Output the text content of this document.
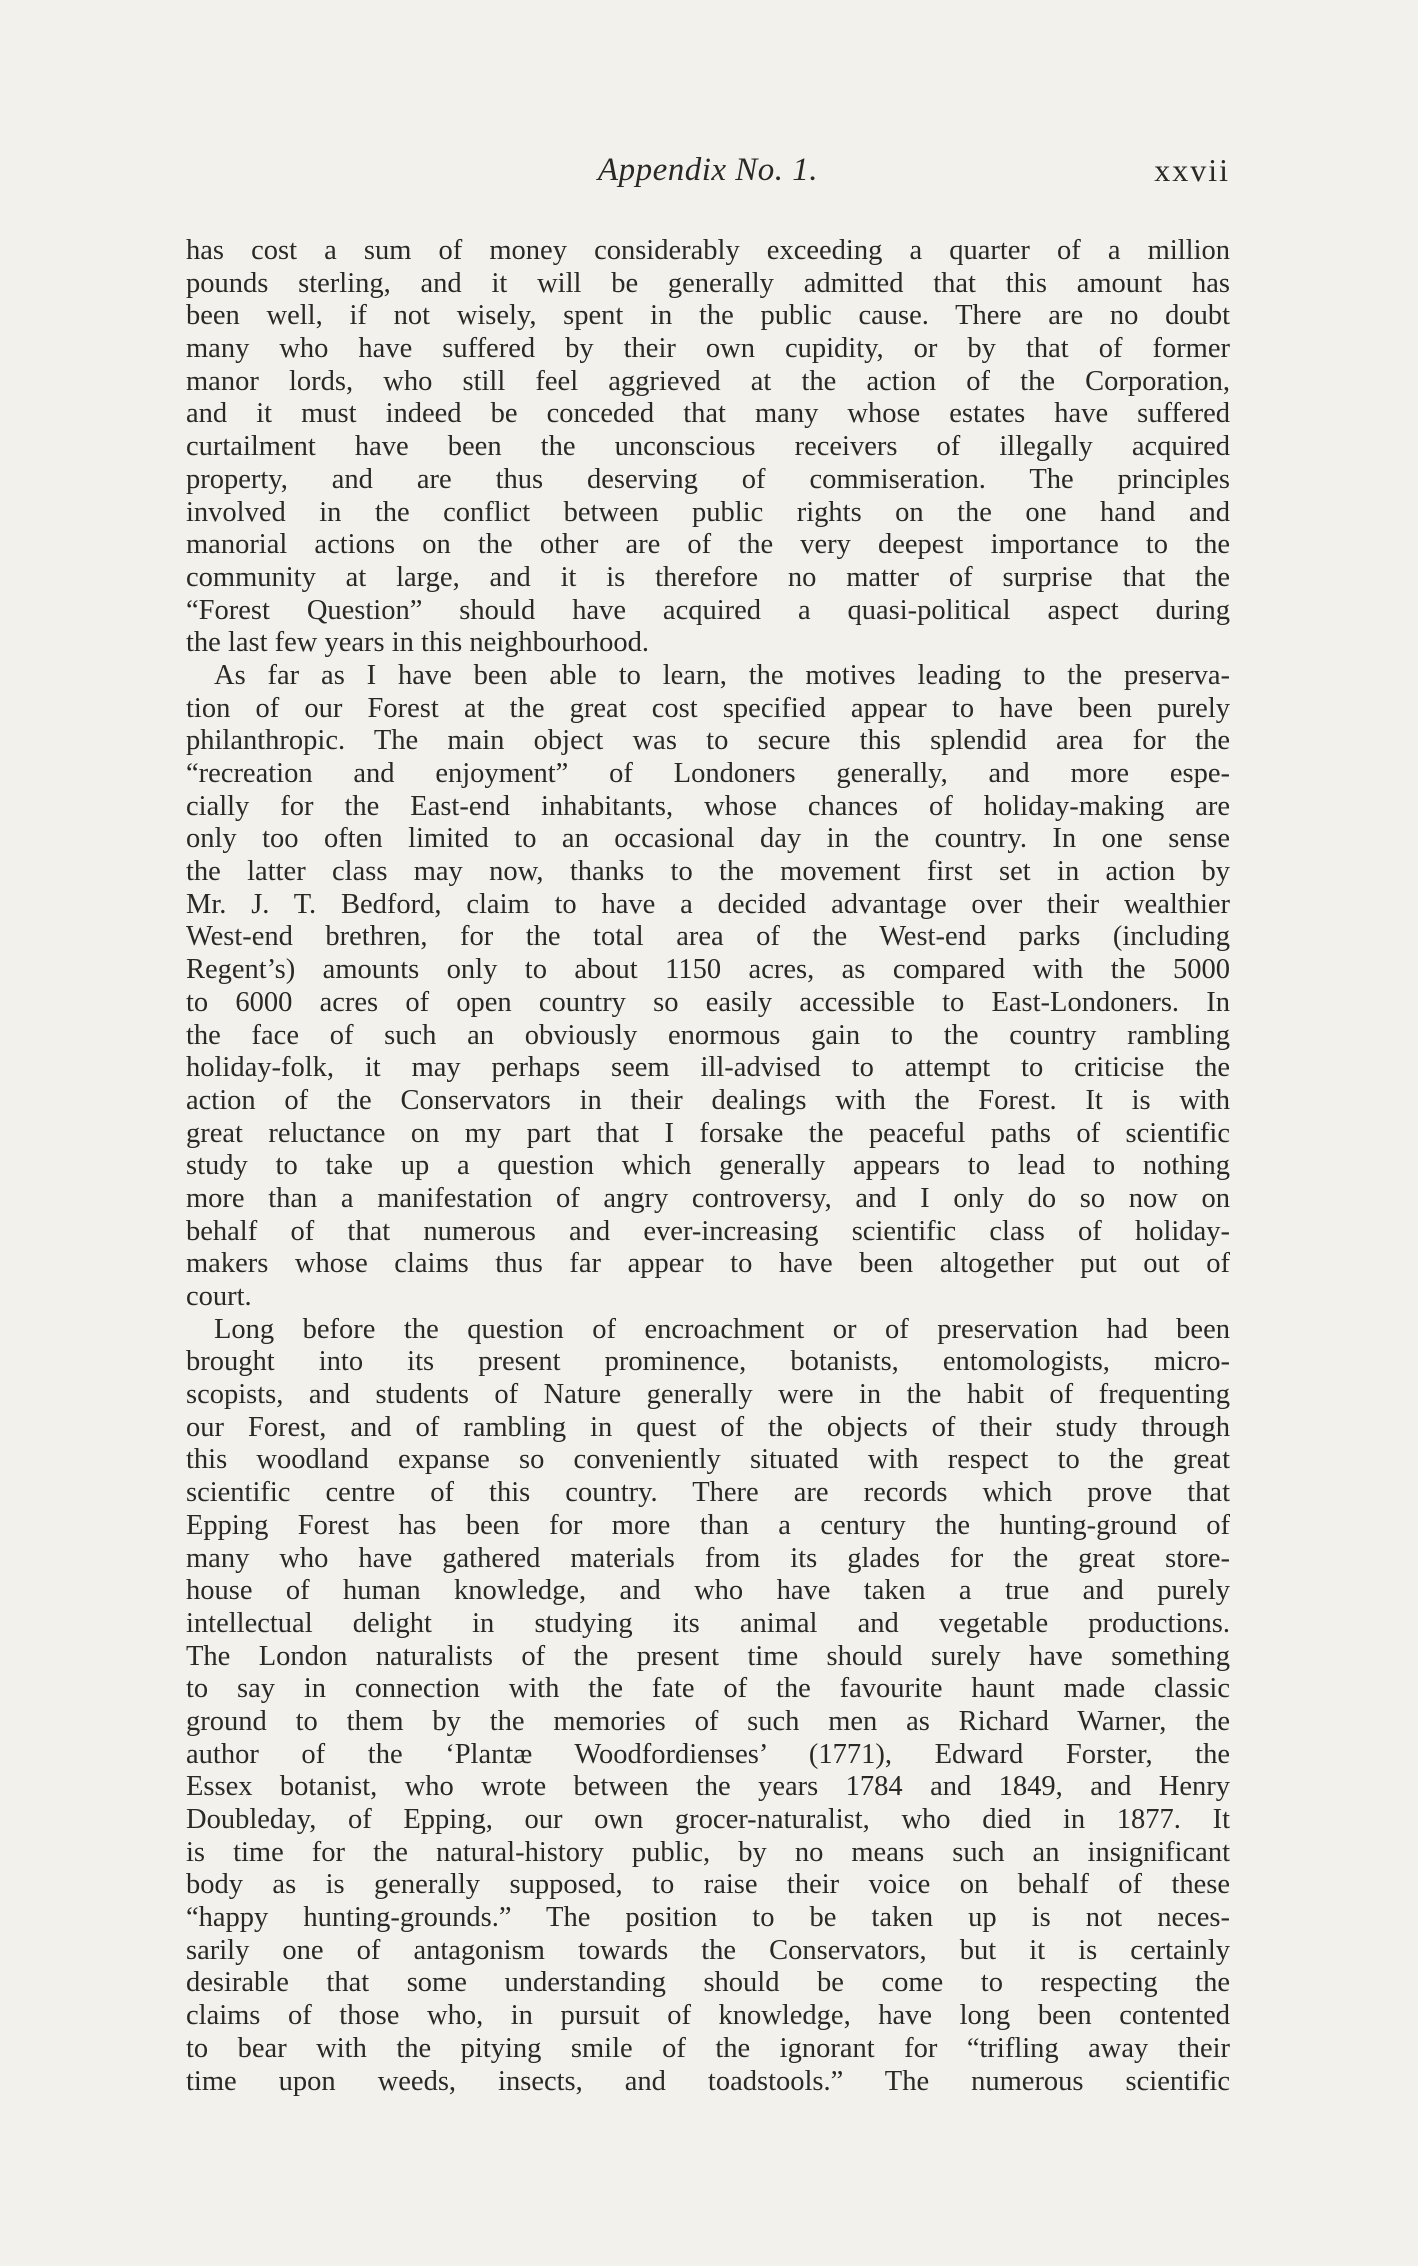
Appendix No. 1.	xxvii
has cost a sum of money considerably exceeding a quarter of a million
pounds sterling, and it will be generally admitted that this amount has
been well, if not wisely, spent in the public cause. There are no doubt
many who have suffered by their own cupidity, or by that of former
manor lords, who still feel aggrieved at the action of the Corporation,
and it must indeed be conceded that many whose estates have suffered
curtailment have been the unconscious receivers of illegally acquired
property, and are thus deserving of commiseration. The principles
involved in the conflict between public rights on the one hand and
manorial actions on the other are of the very deepest importance to the
community at large, and it is therefore no matter of surprise that the
“Forest Question” should have acquired a quasi-political aspect during
the last few years in this neighbourhood.
As far as I have been able to learn, the motives leading to the preserva-
tion of our Forest at the great cost specified appear to have been purely
philanthropic. The main object was to secure this splendid area for the
“recreation and enjoyment” of Londoners generally, and more espe-
cially for the East-end inhabitants, whose chances of holiday-making are
only too often limited to an occasional day in the country. In one sense
the latter class may now, thanks to the movement first set in action by
Mr. J. T. Bedford, claim to have a decided advantage over their wealthier
West-end brethren, for the total area of the West-end parks (including
Regent’s) amounts only to about 1150 acres, as compared with the 5000
to 6000 acres of open country so easily accessible to East-Londoners. In
the face of such an obviously enormous gain to the country rambling
holiday-folk, it may perhaps seem ill-advised to attempt to criticise the
action of the Conservators in their dealings with the Forest. It is with
great reluctance on my part that I forsake the peaceful paths of scientific
study to take up a question which generally appears to lead to nothing
more than a manifestation of angry controversy, and I only do so now on
behalf of that numerous and ever-increasing scientific class of holiday-
makers whose claims thus far appear to have been altogether put out of
court.
Long before the question of encroachment or of preservation had been
brought into its present prominence, botanists, entomologists, micro-
scopists, and students of Nature generally were in the habit of frequenting
our Forest, and of rambling in quest of the objects of their study through
this woodland expanse so conveniently situated with respect to the great
scientific centre of this country. There are records which prove that
Epping Forest has been for more than a century the hunting-ground of
many who have gathered materials from its glades for the great store-
house of human knowledge, and who have taken a true and purely
intellectual delight in studying its animal and vegetable productions.
The London naturalists of the present time should surely have something
to say in connection with the fate of the favourite haunt made classic
ground to them by the memories of such men as Richard Warner, the
author of the ‘Plantæ Woodfordienses’ (1771), Edward Forster, the
Essex botanist, who wrote between the years 1784 and 1849, and Henry
Doubleday, of Epping, our own grocer-naturalist, who died in 1877. It
is time for the natural-history public, by no means such an insignificant
body as is generally supposed, to raise their voice on behalf of these
“happy hunting-grounds.” The position to be taken up is not neces-
sarily one of antagonism towards the Conservators, but it is certainly
desirable that some understanding should be come to respecting the
claims of those who, in pursuit of knowledge, have long been contented
to bear with the pitying smile of the ignorant for “trifling away their
time upon weeds, insects, and toadstools.” The numerous scientific
